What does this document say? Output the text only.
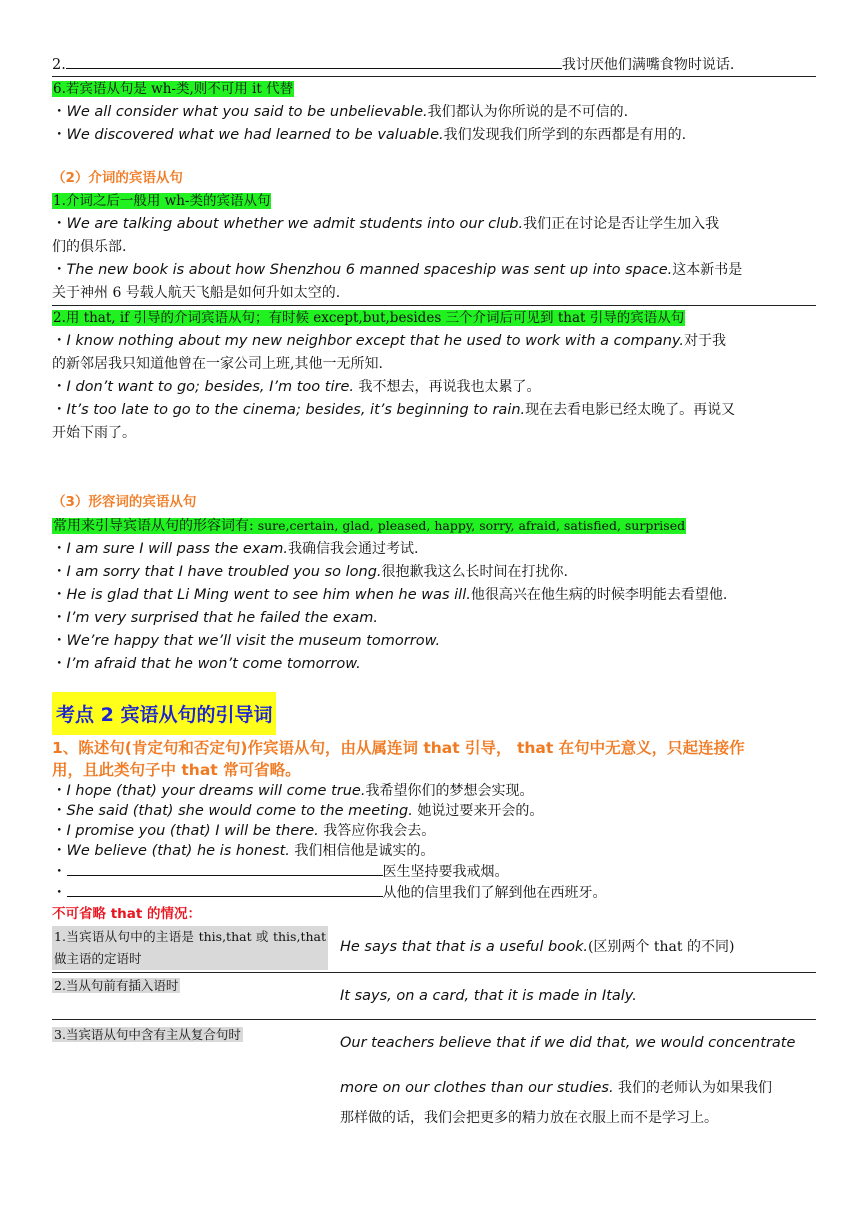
2.	我讨厌他们满嘴食物时说话.
6.若宾语从句是 wh-类,则不可用 it 代替
・We all consider what you said to be unbelievable.我们都认为你所说的是不可信的.
・We discovered what we had learned to be valuable.我们发现我们所学到的东西都是有用的.
（2）介词的宾语从句
1.介词之后一般用 wh-类的宾语从句
・We are talking about whether we admit students into our club.我们正在讨论是否让学生加入我
们的俱乐部.
・The new book is about how Shenzhou 6 manned spaceship was sent up into space.这本新书是
关于神州 6 号载人航天飞船是如何升如太空的.
2.用 that, if 引导的介词宾语从句；有时候 except,but,besides 三个介词后可见到 that 引导的宾语从句
・I know nothing about my new neighbor except that he used to work with a company.对于我
的新邻居我只知道他曾在一家公司上班,其他一无所知.
・I don’t want to go; besides, I’m too tire. 我不想去，再说我也太累了。
・It’s too late to go to the cinema; besides, it’s beginning to rain.现在去看电影已经太晚了。再说又
开始下雨了。
（3）形容词的宾语从句
常用来引导宾语从句的形容词有: sure,certain, glad, pleased, happy, sorry, afraid, satisfied, surprised
・I am sure I will pass the exam.我确信我会通过考试.
・I am sorry that I have troubled you so long.很抱歉我这么长时间在打扰你.
・He is glad that Li Ming went to see him when he was ill.他很高兴在他生病的时候李明能去看望他.
・I’m very surprised that he failed the exam.
・We’re happy that we’ll visit the museum tomorrow.
・I’m afraid that he won’t come tomorrow.
考点 2 宾语从句的引导词
1、陈述句(肯定句和否定句)作宾语从句，由从属连词 that 引导， that 在句中无意义，只起连接作
用，且此类句子中 that 常可省略。
・I hope (that) your dreams will come true.我希望你们的梦想会实现。
・She said (that) she would come to the meeting. 她说过要来开会的。
・I promise you (that) I will be there. 我答应你我会去。
・We believe (that) he is honest. 我们相信他是诚实的。
・	医生坚持要我戒烟。
・	从他的信里我们了解到他在西班牙。
不可省略 that 的情况：
1.当宾语从句中的主语是 this,that 或 this,that 做主语的定语时	He says that that is a useful book.(区别两个 that 的不同)
2.当从句前有插入语时	It says, on a card, that it is made in Italy.
3.当宾语从句中含有主从复合句时	Our teachers believe that if we did that, we would concentrate
more on our clothes than our studies. 我们的老师认为如果我们
那样做的话，我们会把更多的精力放在衣服上而不是学习上。
